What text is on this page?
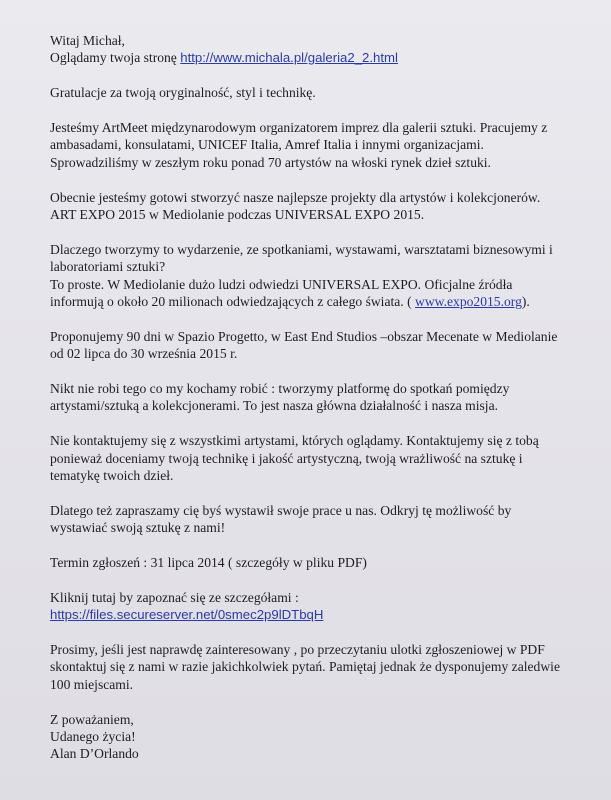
Witaj Michał,
Oglądamy twoja stronę http://www.michala.pl/galeria2_2.html

Gratulacje za twoją oryginalność, styl i technikę.

Jesteśmy ArtMeet międzynarodowym organizatorem imprez dla galerii sztuki. Pracujemy z
ambasadami, konsulatami, UNICEF Italia, Amref Italia i innymi organizacjami.
Sprowadziliśmy w zeszłym roku ponad 70 artystów na włoski rynek dzieł sztuki.

Obecnie jesteśmy gotowi stworzyć nasze najlepsze projekty dla artystów i kolekcjonerów.
ART EXPO 2015 w Mediolanie podczas UNIVERSAL EXPO 2015.

Dlaczego tworzymy to wydarzenie, ze spotkaniami, wystawami, warsztatami biznesowymi i
laboratoriami sztuki?
To proste. W Mediolanie dużo ludzi odwiedzi UNIVERSAL EXPO. Oficjalne źródła
informują o około 20 milionach odwiedzających z całego świata. ( www.expo2015.org).

Proponujemy 90 dni w Spazio Progetto, w East End Studios –obszar Mecenate w Mediolanie
od 02 lipca do 30 września 2015 r.

Nikt nie robi tego co my kochamy robić : tworzymy platformę do spotkań pomiędzy
artystami/sztuką a kolekcjonerami. To jest nasza główna działalność i nasza misja.

Nie kontaktujemy się z wszystkimi artystami, których oglądamy. Kontaktujemy się z tobą
ponieważ doceniamy twoją technikę i jakość artystyczną, twoją wrażliwość na sztukę i
tematykę twoich dzieł.

Dlatego też zapraszamy cię byś wystawił swoje prace u nas. Odkryj tę możliwość by
wystawiać swoją sztukę z nami!

Termin zgłoszeń : 31 lipca 2014 ( szczegóły w pliku PDF)

Kliknij tutaj by zapoznać się ze szczegółami :
https://files.secureserver.net/0smec2p9lDTbqH

Prosimy, jeśli jest naprawdę zainteresowany , po przeczytaniu ulotki zgłoszeniowej w PDF
skontaktuj się z nami w razie jakichkolwiek pytań. Pamiętaj jednak że dysponujemy zaledwie
100 miejscami.

Z poważaniem,
Udanego życia!
Alan D’Orlando
